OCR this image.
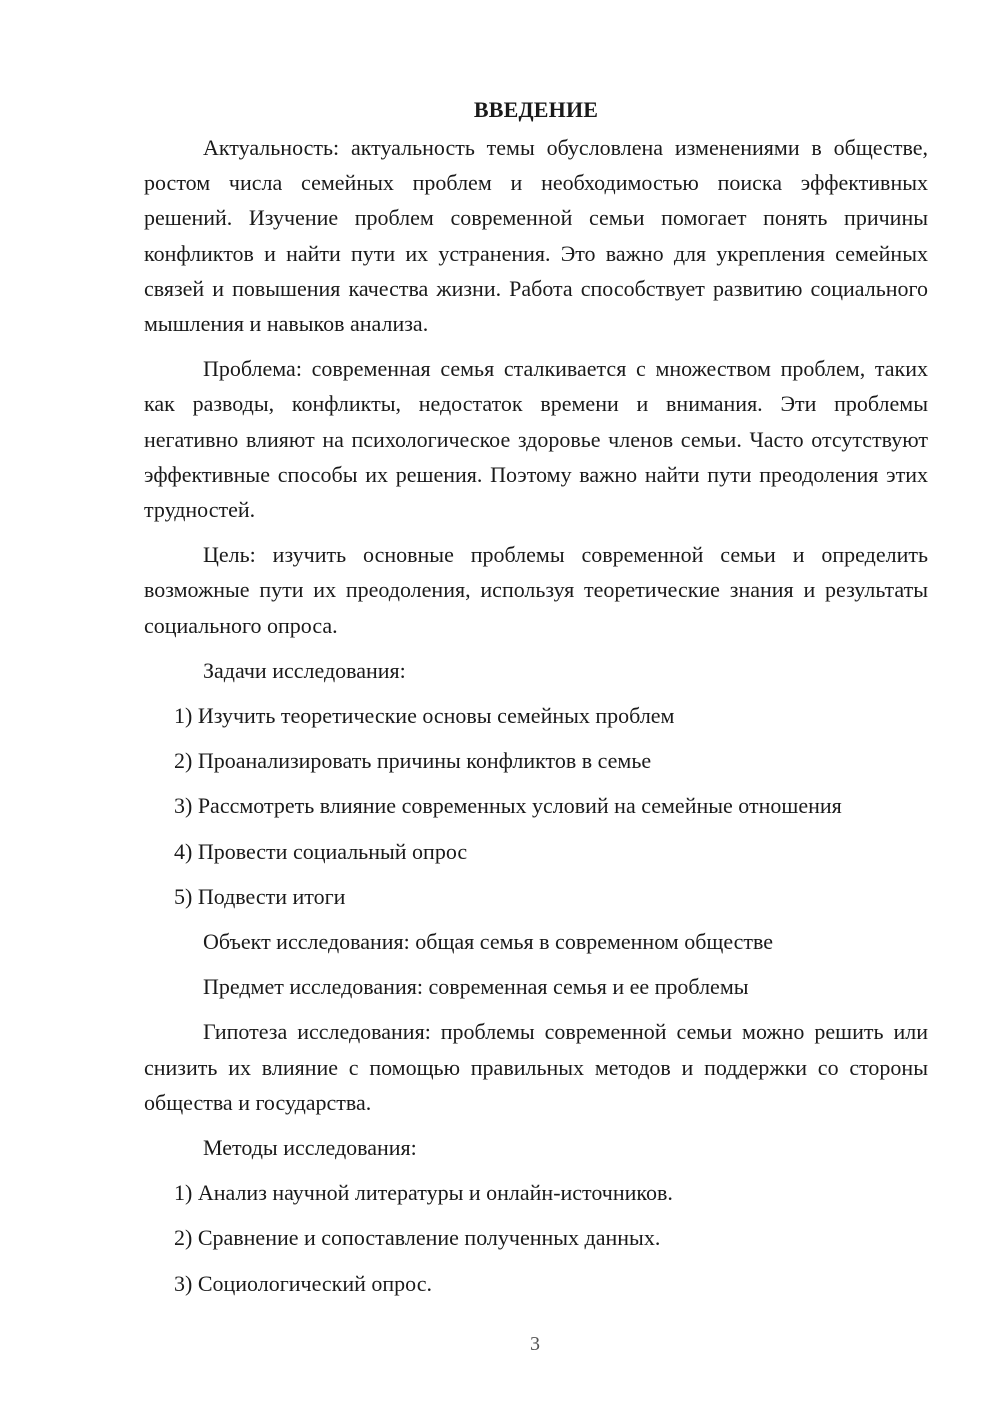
ВВЕДЕНИЕ

Актуальность: актуальность темы обусловлена изменениями в обществе, ростом числа семейных проблем и необходимостью поиска эффективных решений. Изучение проблем современной семьи помогает понять причины конфликтов и найти пути их устранения. Это важно для укрепления семейных связей и повышения качества жизни. Работа способствует развитию социального мышления и навыков анализа.

Проблема: современная семья сталкивается с множеством проблем, таких как разводы, конфликты, недостаток времени и внимания. Эти проблемы негативно влияют на психологическое здоровье членов семьи. Часто отсутствуют эффективные способы их решения. Поэтому важно найти пути преодоления этих трудностей.

Цель: изучить основные проблемы современной семьи и определить возможные пути их преодоления, используя теоретические знания и результаты социального опроса.

Задачи исследования:

1) Изучить теоретические основы семейных проблем

2) Проанализировать причины конфликтов в семье

3) Рассмотреть влияние современных условий на семейные отношения

4) Провести социальный опрос

5) Подвести итоги

Объект исследования: общая семья в современном обществе

Предмет исследования: современная семья и ее проблемы

Гипотеза исследования: проблемы современной семьи можно решить или снизить их влияние с помощью правильных методов и поддержки со стороны общества и государства.

Методы исследования:

1) Анализ научной литературы и онлайн-источников.

2) Сравнение и сопоставление полученных данных.

3) Социологический опрос.

3
